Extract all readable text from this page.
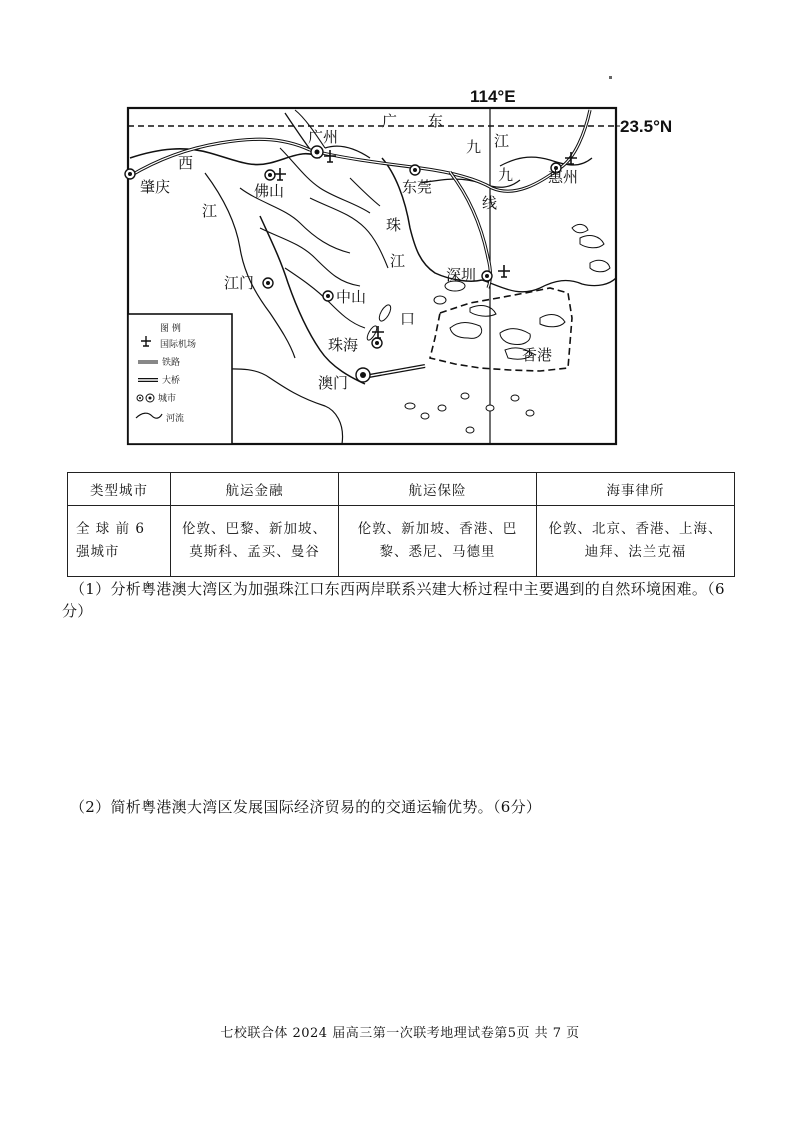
114°E
23.5°N
广 东
九 江
九
线
西
江
珠
江
口
广州
肇庆	佛山	东莞
惠州
江门
中山
深圳
珠海
澳门
香港
图 例
国际机场
铁路
大桥
城市
河流
类型城市	航运金融	航运保险	海事律所
全 球 前 6 强城市	伦敦、巴黎、新加坡、莫斯科、孟买、曼谷	伦敦、新加坡、香港、巴黎、悉尼、马德里	伦敦、北京、香港、上海、迪拜、法兰克福
（1）分析粤港澳大湾区为加强珠江口东西两岸联系兴建大桥过程中主要遇到的自然环境困难。（6分）
（2）简析粤港澳大湾区发展国际经济贸易的的交通运输优势。（6分）
七校联合体 2024 届高三第一次联考地理试卷第5页 共 7 页
